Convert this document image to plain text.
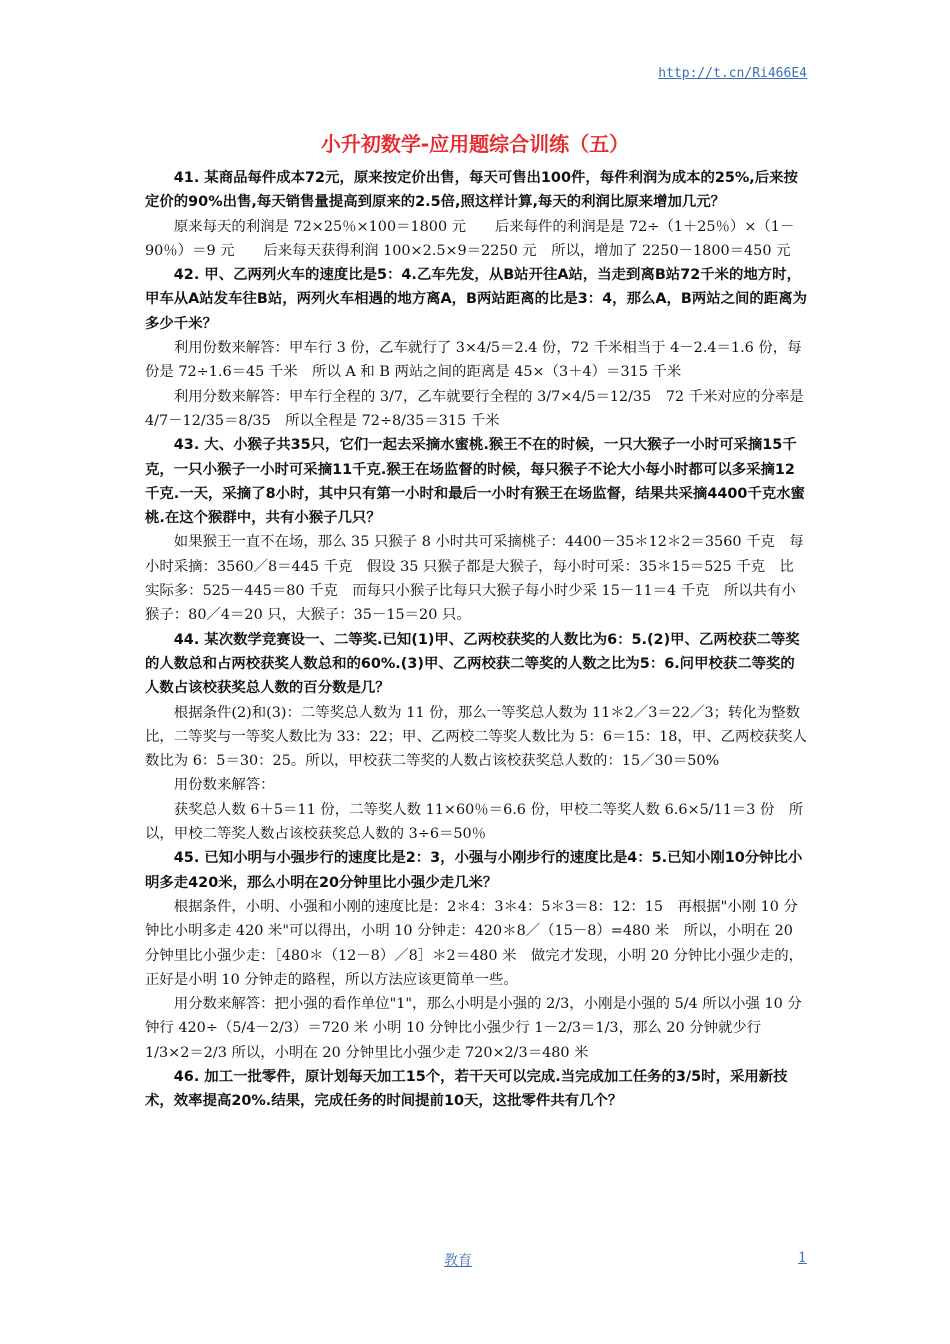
http://t.cn/Ri466E4
小升初数学-应用题综合训练（五）

41. 某商品每件成本72元，原来按定价出售，每天可售出100件，每件利润为成本的25%,后来按定价的90%出售,每天销售量提高到原来的2.5倍,照这样计算,每天的利润比原来增加几元？

原来每天的利润是 72×25％×100＝1800 元　　后来每件的利润是是 72÷（1＋25％）×（1－90％）＝9 元　　后来每天获得利润 100×2.5×9＝2250 元　所以，增加了 2250－1800＝450 元

42. 甲、乙两列火车的速度比是5：4.乙车先发，从B站开往A站，当走到离B站72千米的地方时，甲车从A站发车往B站，两列火车相遇的地方离A，B两站距离的比是3：4，那么A，B两站之间的距离为多少千米？

利用份数来解答：甲车行 3 份，乙车就行了 3×4/5＝2.4 份，72 千米相当于 4－2.4＝1.6 份，每份是 72÷1.6＝45 千米　所以 A 和 B 两站之间的距离是 45×（3＋4）＝315 千米

利用分数来解答：甲车行全程的 3/7，乙车就要行全程的 3/7×4/5＝12/35　72 千米对应的分率是 4/7－12/35＝8/35　所以全程是 72÷8/35＝315 千米

43. 大、小猴子共35只，它们一起去采摘水蜜桃.猴王不在的时候，一只大猴子一小时可采摘15千克，一只小猴子一小时可采摘11千克.猴王在场监督的时候，每只猴子不论大小每小时都可以多采摘12千克.一天，采摘了8小时，其中只有第一小时和最后一小时有猴王在场监督，结果共采摘4400千克水蜜桃.在这个猴群中，共有小猴子几只？

如果猴王一直不在场，那么 35 只猴子 8 小时共可采摘桃子：4400－35＊12＊2＝3560 千克　每小时采摘：3560／8＝445 千克　假设 35 只猴子都是大猴子，每小时可采：35＊15＝525 千克　比实际多：525－445＝80 千克　而每只小猴子比每只大猴子每小时少采 15－11＝4 千克　所以共有小猴子：80／4＝20 只，大猴子：35－15＝20 只。

44. 某次数学竞赛设一、二等奖.已知(1)甲、乙两校获奖的人数比为6：5.(2)甲、乙两校获二等奖的人数总和占两校获奖人数总和的60%.(3)甲、乙两校获二等奖的人数之比为5：6.问甲校获二等奖的人数占该校获奖总人数的百分数是几？

根据条件(2)和(3)：二等奖总人数为 11 份，那么一等奖总人数为 11＊2／3＝22／3；转化为整数比，二等奖与一等奖人数比为 33：22；甲、乙两校二等奖人数比为 5：6＝15：18，甲、乙两校获奖人数比为 6：5＝30：25。所以，甲校获二等奖的人数占该校获奖总人数的：15／30＝50%

用份数来解答：

获奖总人数 6＋5＝11 份，二等奖人数 11×60％＝6.6 份，甲校二等奖人数 6.6×5/11＝3 份　所以，甲校二等奖人数占该校获奖总人数的 3÷6＝50％

45. 已知小明与小强步行的速度比是2：3，小强与小刚步行的速度比是4：5.已知小刚10分钟比小明多走420米，那么小明在20分钟里比小强少走几米？

根据条件，小明、小强和小刚的速度比是：2＊4：3＊4：5＊3＝8：12：15　再根据"小刚 10 分钟比小明多走 420 米"可以得出，小明 10 分钟走：420＊8／（15－8）=480 米　所以，小明在 20 分钟里比小强少走：［480＊（12－8）／8］＊2＝480 米　做完才发现，小明 20 分钟比小强少走的，正好是小明 10 分钟走的路程，所以方法应该更简单一些。

用分数来解答：把小强的看作单位"1"，那么小明是小强的 2/3，小刚是小强的 5/4 所以小强 10 分钟行 420÷（5/4－2/3）＝720 米 小明 10 分钟比小强少行 1－2/3＝1/3，那么 20 分钟就少行 1/3×2＝2/3 所以，小明在 20 分钟里比小强少走 720×2/3＝480 米

46. 加工一批零件，原计划每天加工15个，若干天可以完成.当完成加工任务的3/5时，采用新技术，效率提高20%.结果，完成任务的时间提前10天，这批零件共有几个？

教育	1
